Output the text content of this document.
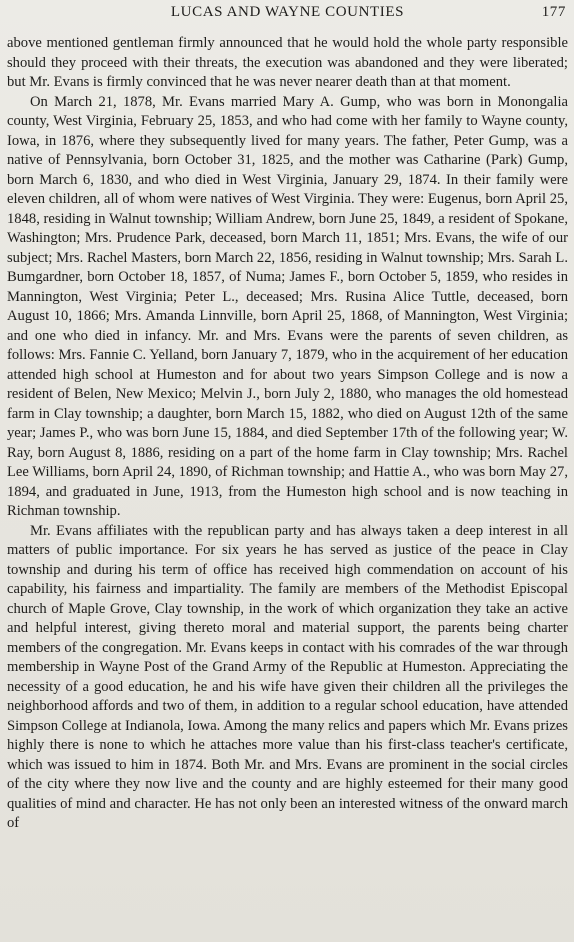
LUCAS AND WAYNE COUNTIES	177

above mentioned gentleman firmly announced that he would hold the whole party responsible should they proceed with their threats, the execution was abandoned and they were liberated; but Mr. Evans is firmly convinced that he was never nearer death than at that moment.

On March 21, 1878, Mr. Evans married Mary A. Gump, who was born in Monongalia county, West Virginia, February 25, 1853, and who had come with her family to Wayne county, Iowa, in 1876, where they subsequently lived for many years. The father, Peter Gump, was a native of Pennsylvania, born October 31, 1825, and the mother was Catharine (Park) Gump, born March 6, 1830, and who died in West Virginia, January 29, 1874. In their family were eleven children, all of whom were natives of West Virginia. They were: Eugenus, born April 25, 1848, residing in Walnut township; William Andrew, born June 25, 1849, a resident of Spokane, Washington; Mrs. Prudence Park, deceased, born March 11, 1851; Mrs. Evans, the wife of our subject; Mrs. Rachel Masters, born March 22, 1856, residing in Walnut township; Mrs. Sarah L. Bumgardner, born October 18, 1857, of Numa; James F., born October 5, 1859, who resides in Mannington, West Virginia; Peter L., deceased; Mrs. Rusina Alice Tuttle, deceased, born August 10, 1866; Mrs. Amanda Linnville, born April 25, 1868, of Mannington, West Virginia; and one who died in infancy. Mr. and Mrs. Evans were the parents of seven children, as follows: Mrs. Fannie C. Yelland, born January 7, 1879, who in the acquirement of her education attended high school at Humeston and for about two years Simpson College and is now a resident of Belen, New Mexico; Melvin J., born July 2, 1880, who manages the old homestead farm in Clay township; a daughter, born March 15, 1882, who died on August 12th of the same year; James P., who was born June 15, 1884, and died September 17th of the following year; W. Ray, born August 8, 1886, residing on a part of the home farm in Clay township; Mrs. Rachel Lee Williams, born April 24, 1890, of Richman township; and Hattie A., who was born May 27, 1894, and graduated in June, 1913, from the Humeston high school and is now teaching in Richman township.

Mr. Evans affiliates with the republican party and has always taken a deep interest in all matters of public importance. For six years he has served as justice of the peace in Clay township and during his term of office has received high commendation on account of his capability, his fairness and impartiality. The family are members of the Methodist Episcopal church of Maple Grove, Clay township, in the work of which organization they take an active and helpful interest, giving thereto moral and material support, the parents being charter members of the congregation. Mr. Evans keeps in contact with his comrades of the war through membership in Wayne Post of the Grand Army of the Republic at Humeston. Appreciating the necessity of a good education, he and his wife have given their children all the privileges the neighborhood affords and two of them, in addition to a regular school education, have attended Simpson College at Indianola, Iowa. Among the many relics and papers which Mr. Evans prizes highly there is none to which he attaches more value than his first-class teacher's certificate, which was issued to him in 1874. Both Mr. and Mrs. Evans are prominent in the social circles of the city where they now live and the county and are highly esteemed for their many good qualities of mind and character. He has not only been an interested witness of the onward march of
